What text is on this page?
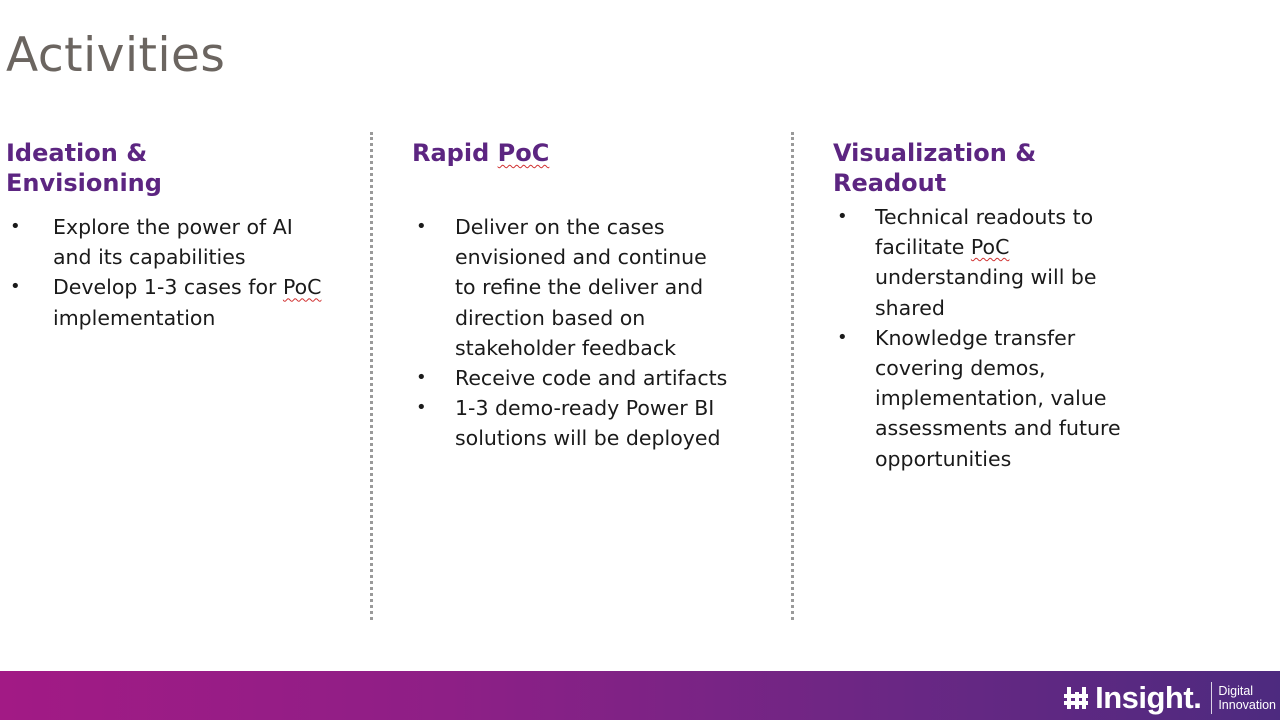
Activities
Ideation &
Envisioning
• Explore the power of AI
and its capabilities
• Develop 1-3 cases for PoC
implementation
Rapid PoC
• Deliver on the cases
envisioned and continue
to refine the deliver and
direction based on
stakeholder feedback
• Receive code and artifacts
• 1-3 demo-ready Power BI
solutions will be deployed
Visualization &
Readout
• Technical readouts to
facilitate PoC
understanding will be
shared
• Knowledge transfer
covering demos,
implementation, value
assessments and future
opportunities
Insight. Digital
Innovation
